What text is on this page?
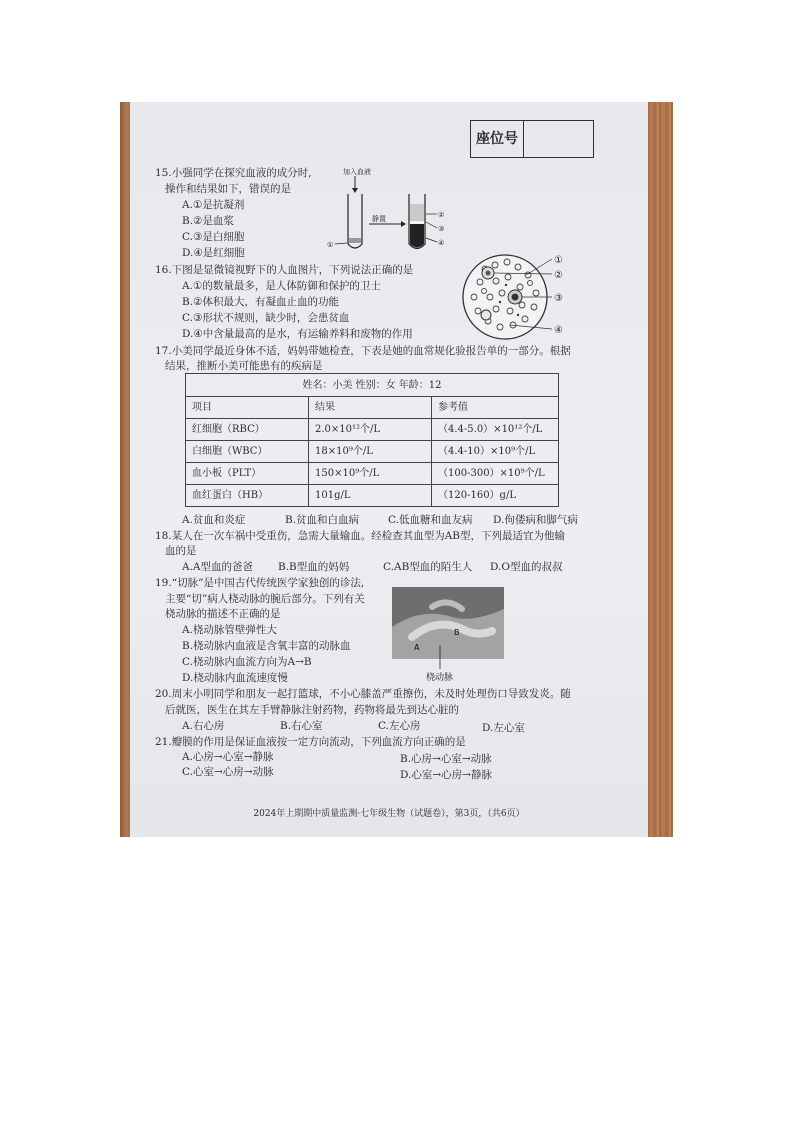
座位号
15.小强同学在探究血液的成分时,
操作和结果如下，错误的是
A.①是抗凝剂
B.②是血浆
C.③是白细胞
D.④是红细胞
加入血液
①
静置	②
③
④
16.下图是显微镜视野下的人血图片，下列说法正确的是
A.①的数量最多，是人体防御和保护的卫士
B.②体积最大，有凝血止血的功能
C.③形状不规则，缺少时，会患贫血
D.④中含量最高的是水，有运输养料和废物的作用
①
②
③
④
17.小美同学最近身体不适，妈妈带她检查，下表是她的血常规化验报告单的一部分。根据
结果，推断小美可能患有的疾病是
姓名：小美 性别：女 年龄：12		
项目	结果	参考值
红细胞（RBC）	2.0×10¹²个/L	（4.4-5.0）×10¹²个/L
白细胞（WBC）	18×10⁹个/L	（4.4-10）×10⁹个/L
血小板（PLT）	150×10⁹个/L	（100-300）×10⁹个/L
血红蛋白（HB）	101g/L	（120-160）g/L
A.贫血和炎症	B.贫血和白血病	C.低血糖和血友病 D.佝偻病和脚气病
18.某人在一次车祸中受重伤，急需大量输血。经检查其血型为AB型，下列最适宜为他输
血的是
A.A型血的爸爸 B.B型血的妈妈	C.AB型血的陌生人 D.O型血的叔叔
19.“切脉”是中国古代传统医学家独创的诊法,
主要“切”病人桡动脉的腕后部分。下列有关
桡动脉的描述不正确的是
A.桡动脉管壁弹性大
B.桡动脉内血液是含氧丰富的动脉血
C.桡动脉内血流方向为A→B
D.桡动脉内血流速度慢
A
B
桡动脉
20.周末小明同学和朋友一起打篮球，不小心膝盖严重擦伤，未及时处理伤口导致发炎。随
后就医，医生在其左手臂静脉注射药物，药物将最先到达心脏的
A.右心房	B.右心室	C.左心房	D.左心室
21.瓣膜的作用是保证血液按一定方向流动，下列血流方向正确的是
A.心房→心室→静脉	B.心房→心室→动脉
C.心室→心房→动脉	D.心室→心房→静脉
2024年上期期中质量监测·七年级生物（试题卷），第3页，（共6页）
